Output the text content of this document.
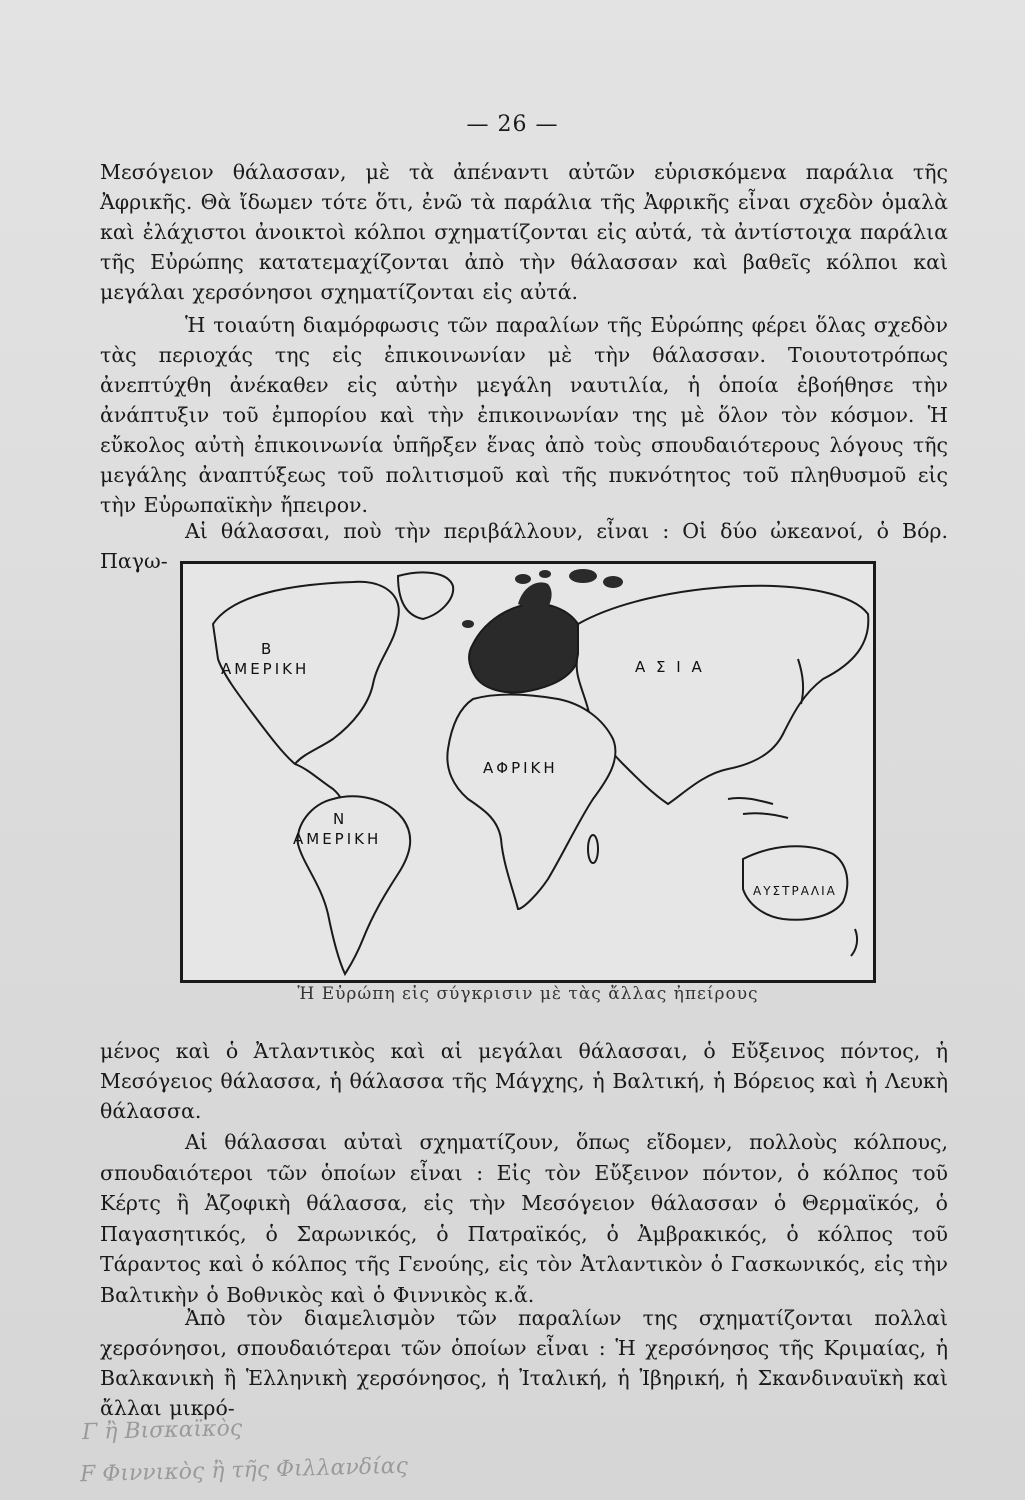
— 26 —

Μεσόγειον θάλασσαν, μὲ τὰ ἀπέναντι αὐτῶν εὑρισκόμενα παράλια τῆς Ἀφρικῆς. Θὰ ἴδωμεν τότε ὅτι, ἐνῶ τὰ παράλια τῆς Ἀφρικῆς εἶναι σχεδὸν ὁμαλὰ καὶ ἐλάχιστοι ἀνοικτοὶ κόλποι σχηματίζονται εἰς αὐτά, τὰ ἀντίστοιχα παράλια τῆς Εὐρώπης κατατεμαχίζονται ἀπὸ τὴν θάλασσαν καὶ βαθεῖς κόλποι καὶ μεγάλαι χερσόνησοι σχηματίζονται εἰς αὐτά.

Ἡ τοιαύτη διαμόρφωσις τῶν παραλίων τῆς Εὐρώπης φέρει ὅλας σχεδὸν τὰς περιοχάς της εἰς ἐπικοινωνίαν μὲ τὴν θάλασσαν. Τοιουτοτρόπως ἀνεπτύχθη ἀνέκαθεν εἰς αὐτὴν μεγάλη ναυτιλία, ἡ ὁποία ἐβοήθησε τὴν ἀνάπτυξιν τοῦ ἐμπορίου καὶ τὴν ἐπικοινωνίαν της μὲ ὅλον τὸν κόσμον. Ἡ εὔκολος αὐτὴ ἐπικοινωνία ὑπῆρξεν ἕνας ἀπὸ τοὺς σπουδαιότερους λόγους τῆς μεγάλης ἀναπτύξεως τοῦ πολιτισμοῦ καὶ τῆς πυκνότητος τοῦ πληθυσμοῦ εἰς τὴν Εὐρωπαϊκὴν ἤπειρον.

Αἱ θάλασσαι, ποὺ τὴν περιβάλλουν, εἶναι : Οἱ δύο ὠκεανοί, ὁ Βόρ. Παγω-

Β
ΑΜΕΡΙΚΗ	Α Σ Ι Α
ΑΦΡΙΚΗ
Ν
ΑΜΕΡΙΚΗ
ΑΥΣΤΡΑΛΙΑ
Ἡ Εὐρώπη εἰς σύγκρισιν μὲ τὰς ἄλλας ἠπείρους

μένος καὶ ὁ Ἀτλαντικὸς καὶ αἱ μεγάλαι θάλασσαι, ὁ Εὔξεινος πόντος, ἡ Μεσόγειος θάλασσα, ἡ θάλασσα τῆς Μάγχης, ἡ Βαλτική, ἡ Βόρειος καὶ ἡ Λευκὴ θάλασσα.

Αἱ θάλασσαι αὐταὶ σχηματίζουν, ὅπως εἴδομεν, πολλοὺς κόλπους, σπουδαιότεροι τῶν ὁποίων εἶναι : Εἰς τὸν Εὔξεινον πόντον, ὁ κόλπος τοῦ Κέρτς ἢ Ἀζοφικὴ θάλασσα, εἰς τὴν Μεσόγειον θάλασσαν ὁ Θερμαϊκός, ὁ Παγασητικός, ὁ Σαρωνικός, ὁ Πατραϊκός, ὁ Ἀμβρακικός, ὁ κόλπος τοῦ Τάραντος καὶ ὁ κόλπος τῆς Γενούης, εἰς τὸν Ἀτλαντικὸν ὁ Γασκωνικός, εἰς τὴν Βαλτικὴν ὁ Βοθνικὸς καὶ ὁ Φιννικὸς κ.ἄ.

Ἀπὸ τὸν διαμελισμὸν τῶν παραλίων της σχηματίζονται πολλαὶ χερσόνησοι, σπουδαιότεραι τῶν ὁποίων εἶναι : Ἡ χερσόνησος τῆς Κριμαίας, ἡ Βαλκανικὴ ἢ Ἑλληνικὴ χερσόνησος, ἡ Ἰταλική, ἡ Ἰβηρική, ἡ Σκανδιναυϊκὴ καὶ ἄλλαι μικρό-

Γ ἢ Βισκαϊκὸς
F Φιννικὸς ἢ τῆς Φιλλανδίας
